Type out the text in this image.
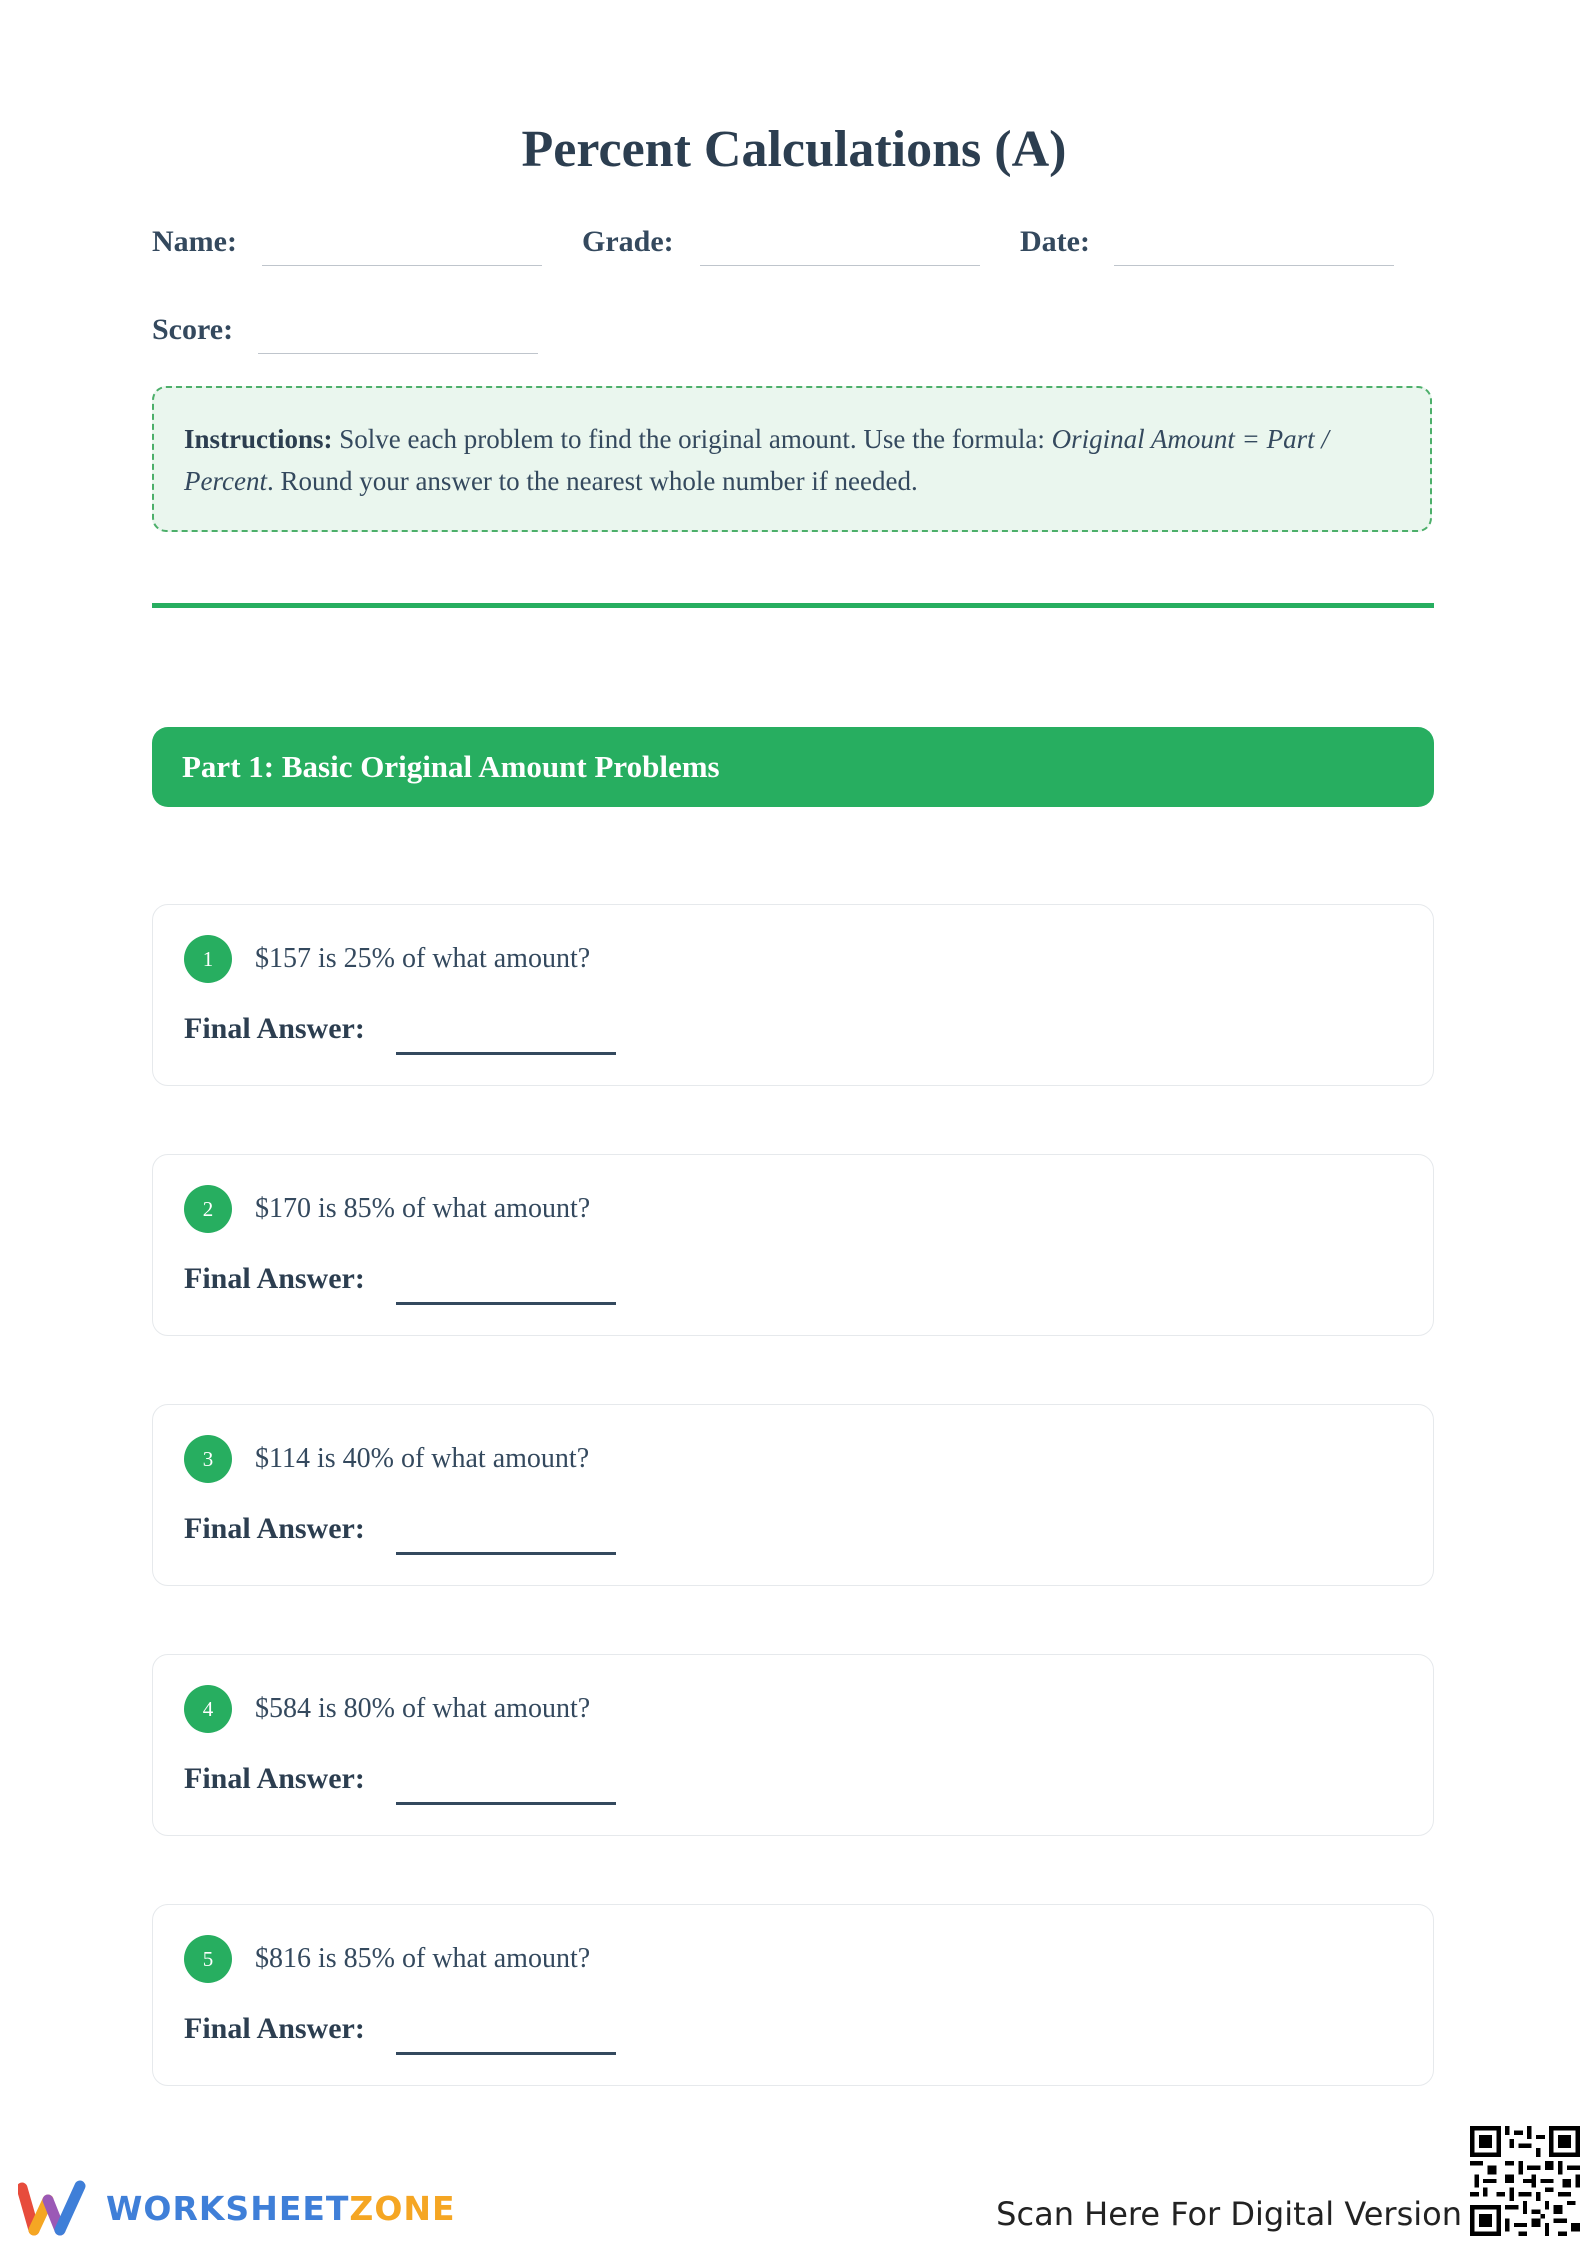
Percent Calculations (A)
Name:	Grade:	Date:
Score:
Instructions: Solve each problem to find the original amount. Use the formula: Original Amount = Part / Percent. Round your answer to the nearest whole number if needed.
Part 1: Basic Original Amount Problems
1	$157 is 25% of what amount?
Final Answer:
2	$170 is 85% of what amount?
Final Answer:
3	$114 is 40% of what amount?
Final Answer:
4	$584 is 80% of what amount?
Final Answer:
5	$816 is 85% of what amount?
Final Answer:
WORKSHEETZONE	Scan Here For Digital Version
